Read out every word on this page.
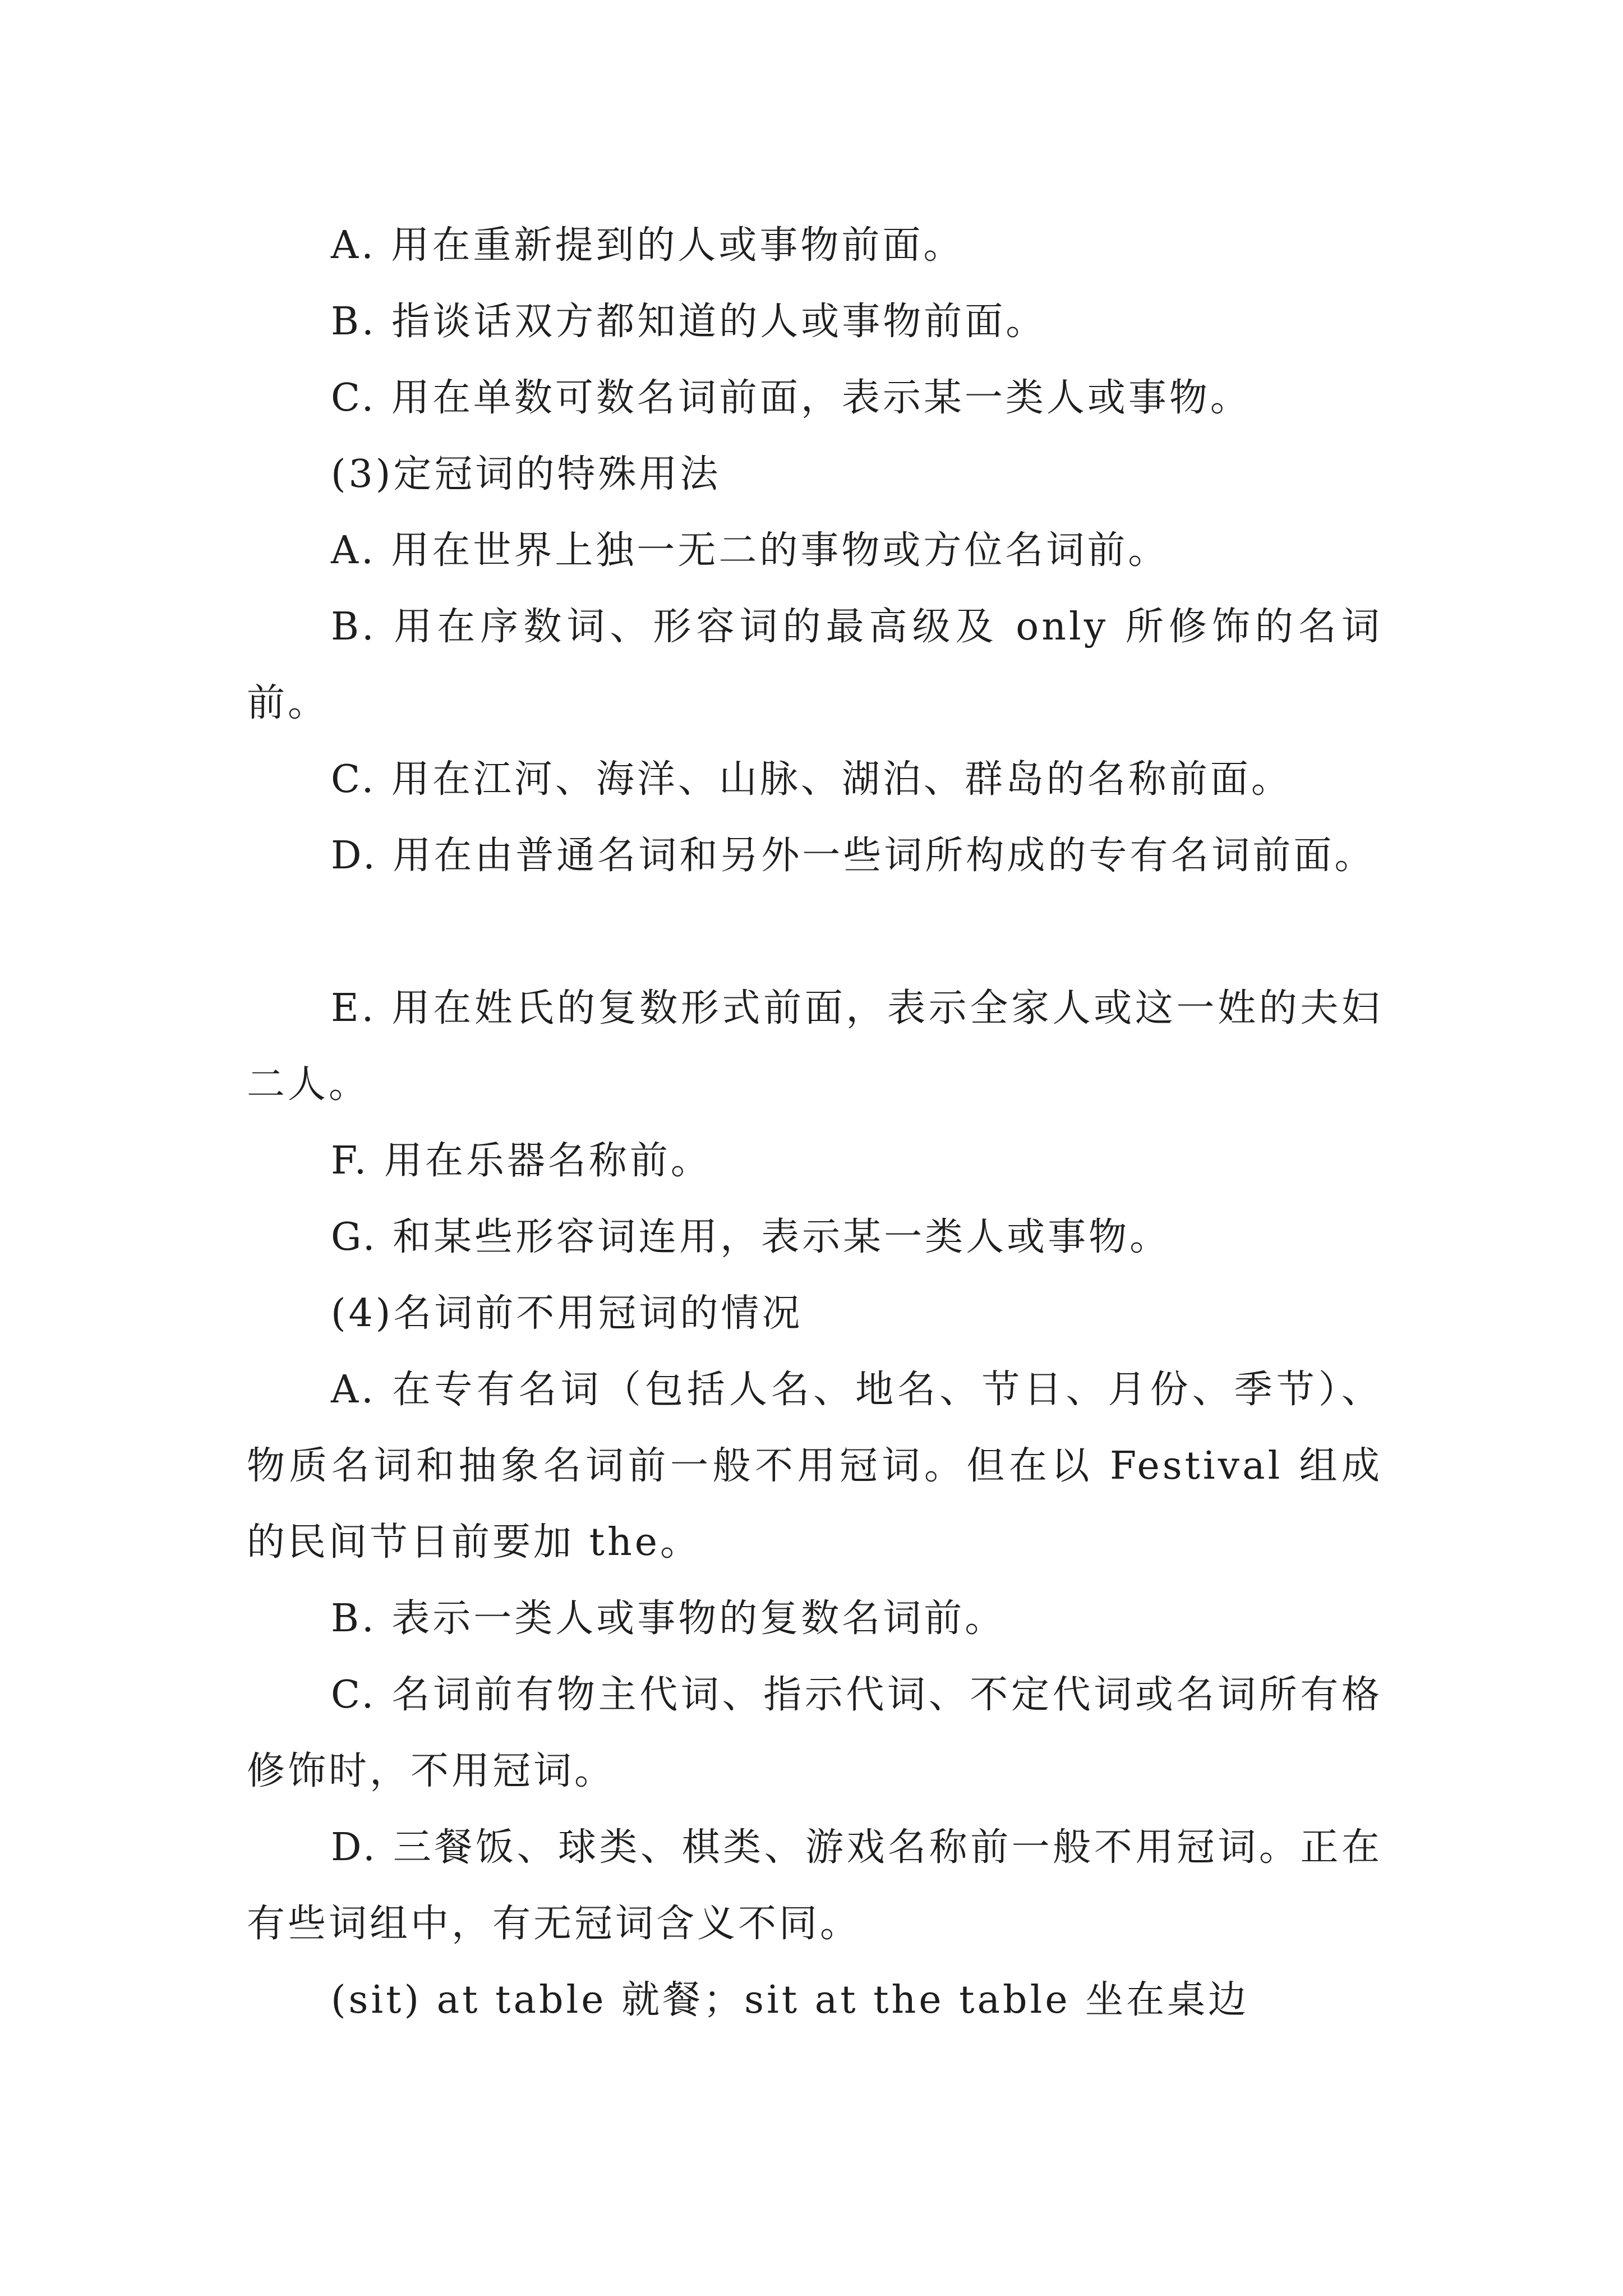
A. 用在重新提到的人或事物前面。

B. 指谈话双方都知道的人或事物前面。

C. 用在单数可数名词前面，表示某一类人或事物。

(3)定冠词的特殊用法

A. 用在世界上独一无二的事物或方位名词前。

B. 用在序数词、形容词的最高级及 only 所修饰的名词前。

C. 用在江河、海洋、山脉、湖泊、群岛的名称前面。

D. 用在由普通名词和另外一些词所构成的专有名词前面。

E. 用在姓氏的复数形式前面，表示全家人或这一姓的夫妇二人。

F. 用在乐器名称前。

G. 和某些形容词连用，表示某一类人或事物。

(4)名词前不用冠词的情况

A. 在专有名词（包括人名、地名、节日、月份、季节）、物质名词和抽象名词前一般不用冠词。但在以 Festival 组成的民间节日前要加 the。

B. 表示一类人或事物的复数名词前。

C. 名词前有物主代词、指示代词、不定代词或名词所有格修饰时，不用冠词。

D. 三餐饭、球类、棋类、游戏名称前一般不用冠词。正在有些词组中，有无冠词含义不同。

(sit) at table 就餐；sit at the table 坐在桌边
